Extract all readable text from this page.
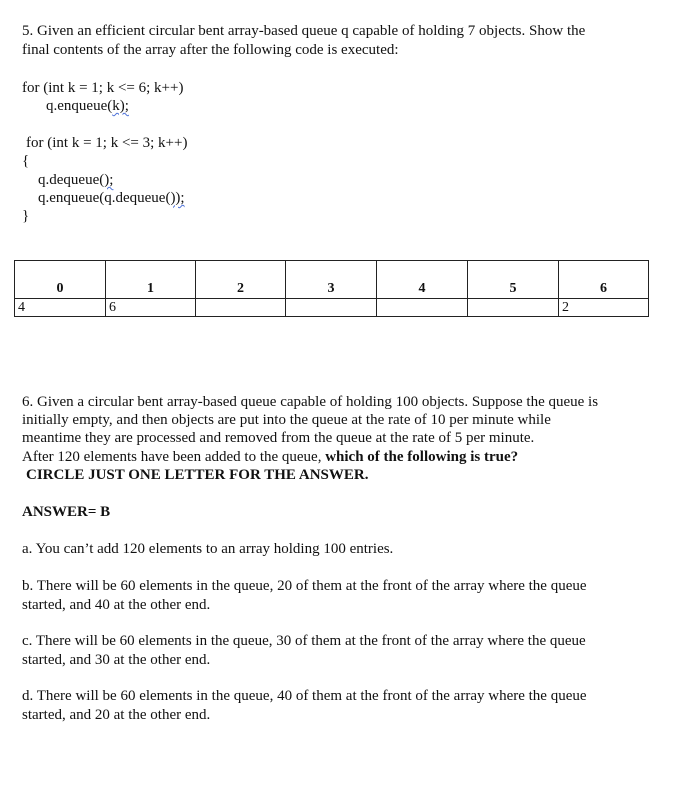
5. Given an efficient circular bent array-based queue q capable of holding 7 objects. Show the
final contents of the array after the following code is executed:
for (int k = 1; k <= 6; k++)
q.enqueue(k);
for (int k = 1; k <= 3; k++)
{
q.dequeue();
q.enqueue(q.dequeue());
}
0	1	2	3	4	5	6
4	6					2
6. Given a circular bent array-based queue capable of holding 100 objects. Suppose the queue is
initially empty, and then objects are put into the queue at the rate of 10 per minute while
meantime they are processed and removed from the queue at the rate of 5 per minute.
After 120 elements have been added to the queue, which of the following is true?
CIRCLE JUST ONE LETTER FOR THE ANSWER.
ANSWER= B
a. You can’t add 120 elements to an array holding 100 entries.
b. There will be 60 elements in the queue, 20 of them at the front of the array where the queue
started, and 40 at the other end.
c. There will be 60 elements in the queue, 30 of them at the front of the array where the queue
started, and 30 at the other end.
d. There will be 60 elements in the queue, 40 of them at the front of the array where the queue
started, and 20 at the other end.
